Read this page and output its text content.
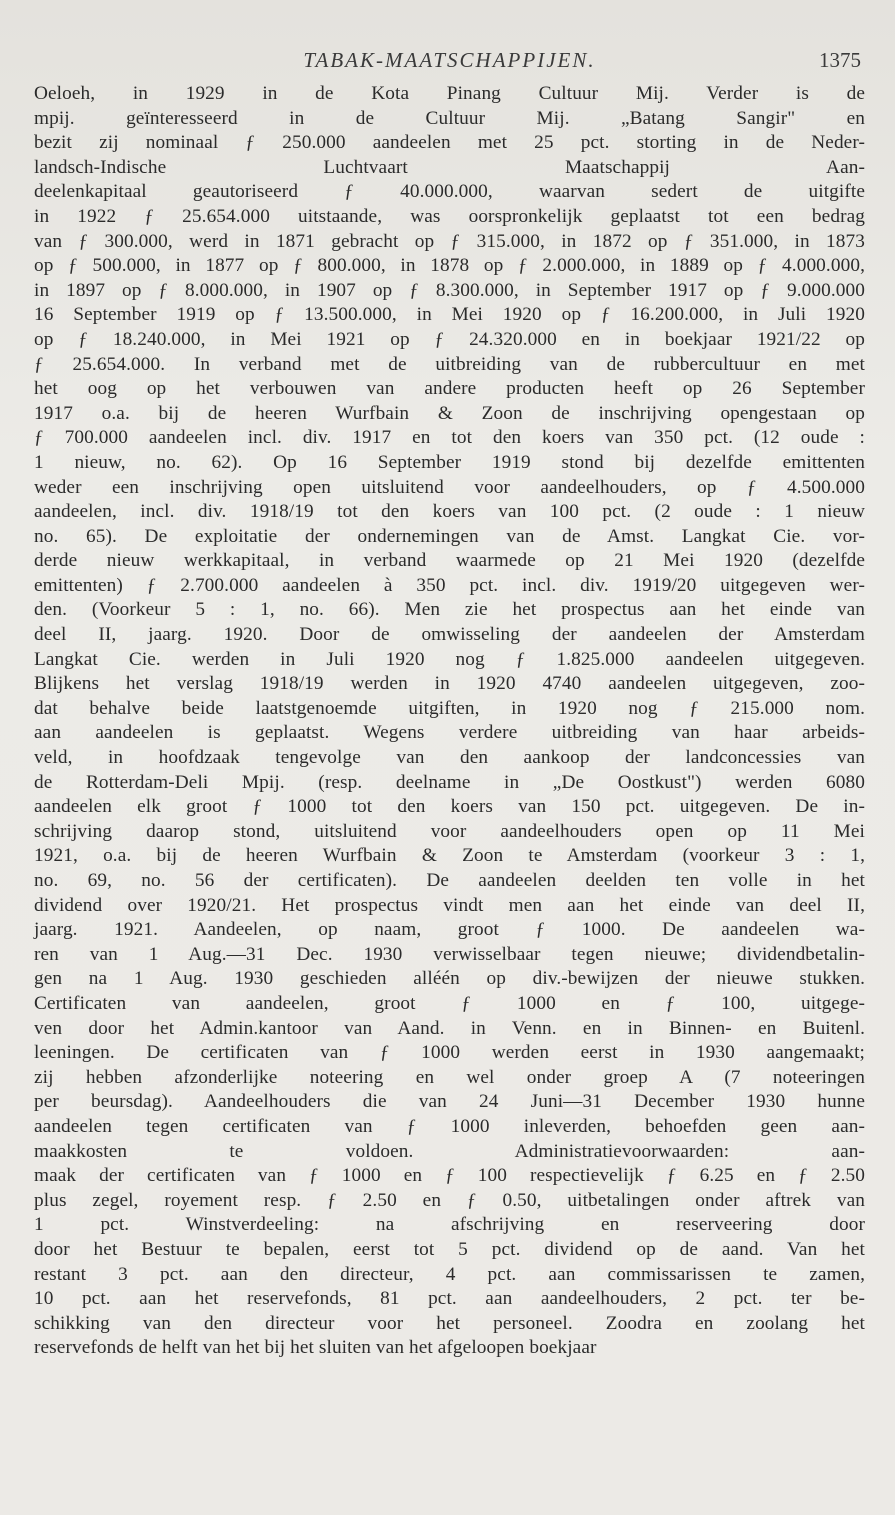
TABAK-MAATSCHAPPIJEN.	1375
Oeloeh, in 1929 in de Kota Pinang Cultuur Mij. Verder is de
mpij. geïnteresseerd in de Cultuur Mij. „Batang Sangir" en
bezit zij nominaal ƒ 250.000 aandeelen met 25 pct. storting in de Neder-
landsch-Indische Luchtvaart Maatschappij Aan-
deelenkapitaal geautoriseerd ƒ 40.000.000, waarvan sedert de uitgifte
in 1922 ƒ 25.654.000 uitstaande, was oorspronkelijk geplaatst tot een bedrag
van ƒ 300.000, werd in 1871 gebracht op ƒ 315.000, in 1872 op ƒ 351.000, in 1873
op ƒ 500.000, in 1877 op ƒ 800.000, in 1878 op ƒ 2.000.000, in 1889 op ƒ 4.000.000,
in 1897 op ƒ 8.000.000, in 1907 op ƒ 8.300.000, in September 1917 op ƒ 9.000.000
16 September 1919 op ƒ 13.500.000, in Mei 1920 op ƒ 16.200.000, in Juli 1920
op ƒ 18.240.000, in Mei 1921 op ƒ 24.320.000 en in boekjaar 1921/22 op
ƒ 25.654.000. In verband met de uitbreiding van de rubbercultuur en met
het oog op het verbouwen van andere producten heeft op 26 September
1917 o.a. bij de heeren Wurfbain & Zoon de inschrijving opengestaan op
ƒ 700.000 aandeelen incl. div. 1917 en tot den koers van 350 pct. (12 oude :
1 nieuw, no. 62). Op 16 September 1919 stond bij dezelfde emittenten
weder een inschrijving open uitsluitend voor aandeelhouders, op ƒ 4.500.000
aandeelen, incl. div. 1918/19 tot den koers van 100 pct. (2 oude : 1 nieuw
no. 65). De exploitatie der ondernemingen van de Amst. Langkat Cie. vor-
derde nieuw werkkapitaal, in verband waarmede op 21 Mei 1920 (dezelfde
emittenten) ƒ 2.700.000 aandeelen à 350 pct. incl. div. 1919/20 uitgegeven wer-
den. (Voorkeur 5 : 1, no. 66). Men zie het prospectus aan het einde van
deel II, jaarg. 1920. Door de omwisseling der aandeelen der Amsterdam
Langkat Cie. werden in Juli 1920 nog ƒ 1.825.000 aandeelen uitgegeven.
Blijkens het verslag 1918/19 werden in 1920 4740 aandeelen uitgegeven, zoo-
dat behalve beide laatstgenoemde uitgiften, in 1920 nog ƒ 215.000 nom.
aan aandeelen is geplaatst. Wegens verdere uitbreiding van haar arbeids-
veld, in hoofdzaak tengevolge van den aankoop der landconcessies van
de Rotterdam-Deli Mpij. (resp. deelname in „De Oostkust") werden 6080
aandeelen elk groot ƒ 1000 tot den koers van 150 pct. uitgegeven. De in-
schrijving daarop stond, uitsluitend voor aandeelhouders open op 11 Mei
1921, o.a. bij de heeren Wurfbain & Zoon te Amsterdam (voorkeur 3 : 1,
no. 69, no. 56 der certificaten). De aandeelen deelden ten volle in het
dividend over 1920/21. Het prospectus vindt men aan het einde van deel II,
jaarg. 1921. Aandeelen, op naam, groot ƒ 1000. De aandeelen wa-
ren van 1 Aug.—31 Dec. 1930 verwisselbaar tegen nieuwe; dividendbetalin-
gen na 1 Aug. 1930 geschieden alléén op div.-bewijzen der nieuwe stukken.
Certificaten van aandeelen, groot ƒ 1000 en ƒ 100, uitgege-
ven door het Admin.kantoor van Aand. in Venn. en in Binnen- en Buitenl.
leeningen. De certificaten van ƒ 1000 werden eerst in 1930 aangemaakt;
zij hebben afzonderlijke noteering en wel onder groep A (7 noteeringen
per beursdag). Aandeelhouders die van 24 Juni—31 December 1930 hunne
aandeelen tegen certificaten van ƒ 1000 inleverden, behoefden geen aan-
maakkosten te voldoen. Administratievoorwaarden: aan-
maak der certificaten van ƒ 1000 en ƒ 100 respectievelijk ƒ 6.25 en ƒ 2.50
plus zegel, royement resp. ƒ 2.50 en ƒ 0.50, uitbetalingen onder aftrek van
1 pct. Winstverdeeling: na afschrijving en reserveering door
door het Bestuur te bepalen, eerst tot 5 pct. dividend op de aand. Van het
restant 3 pct. aan den directeur, 4 pct. aan commissarissen te zamen,
10 pct. aan het reservefonds, 81 pct. aan aandeelhouders, 2 pct. ter be-
schikking van den directeur voor het personeel. Zoodra en zoolang het
reservefonds de helft van het bij het sluiten van het afgeloopen boekjaar
